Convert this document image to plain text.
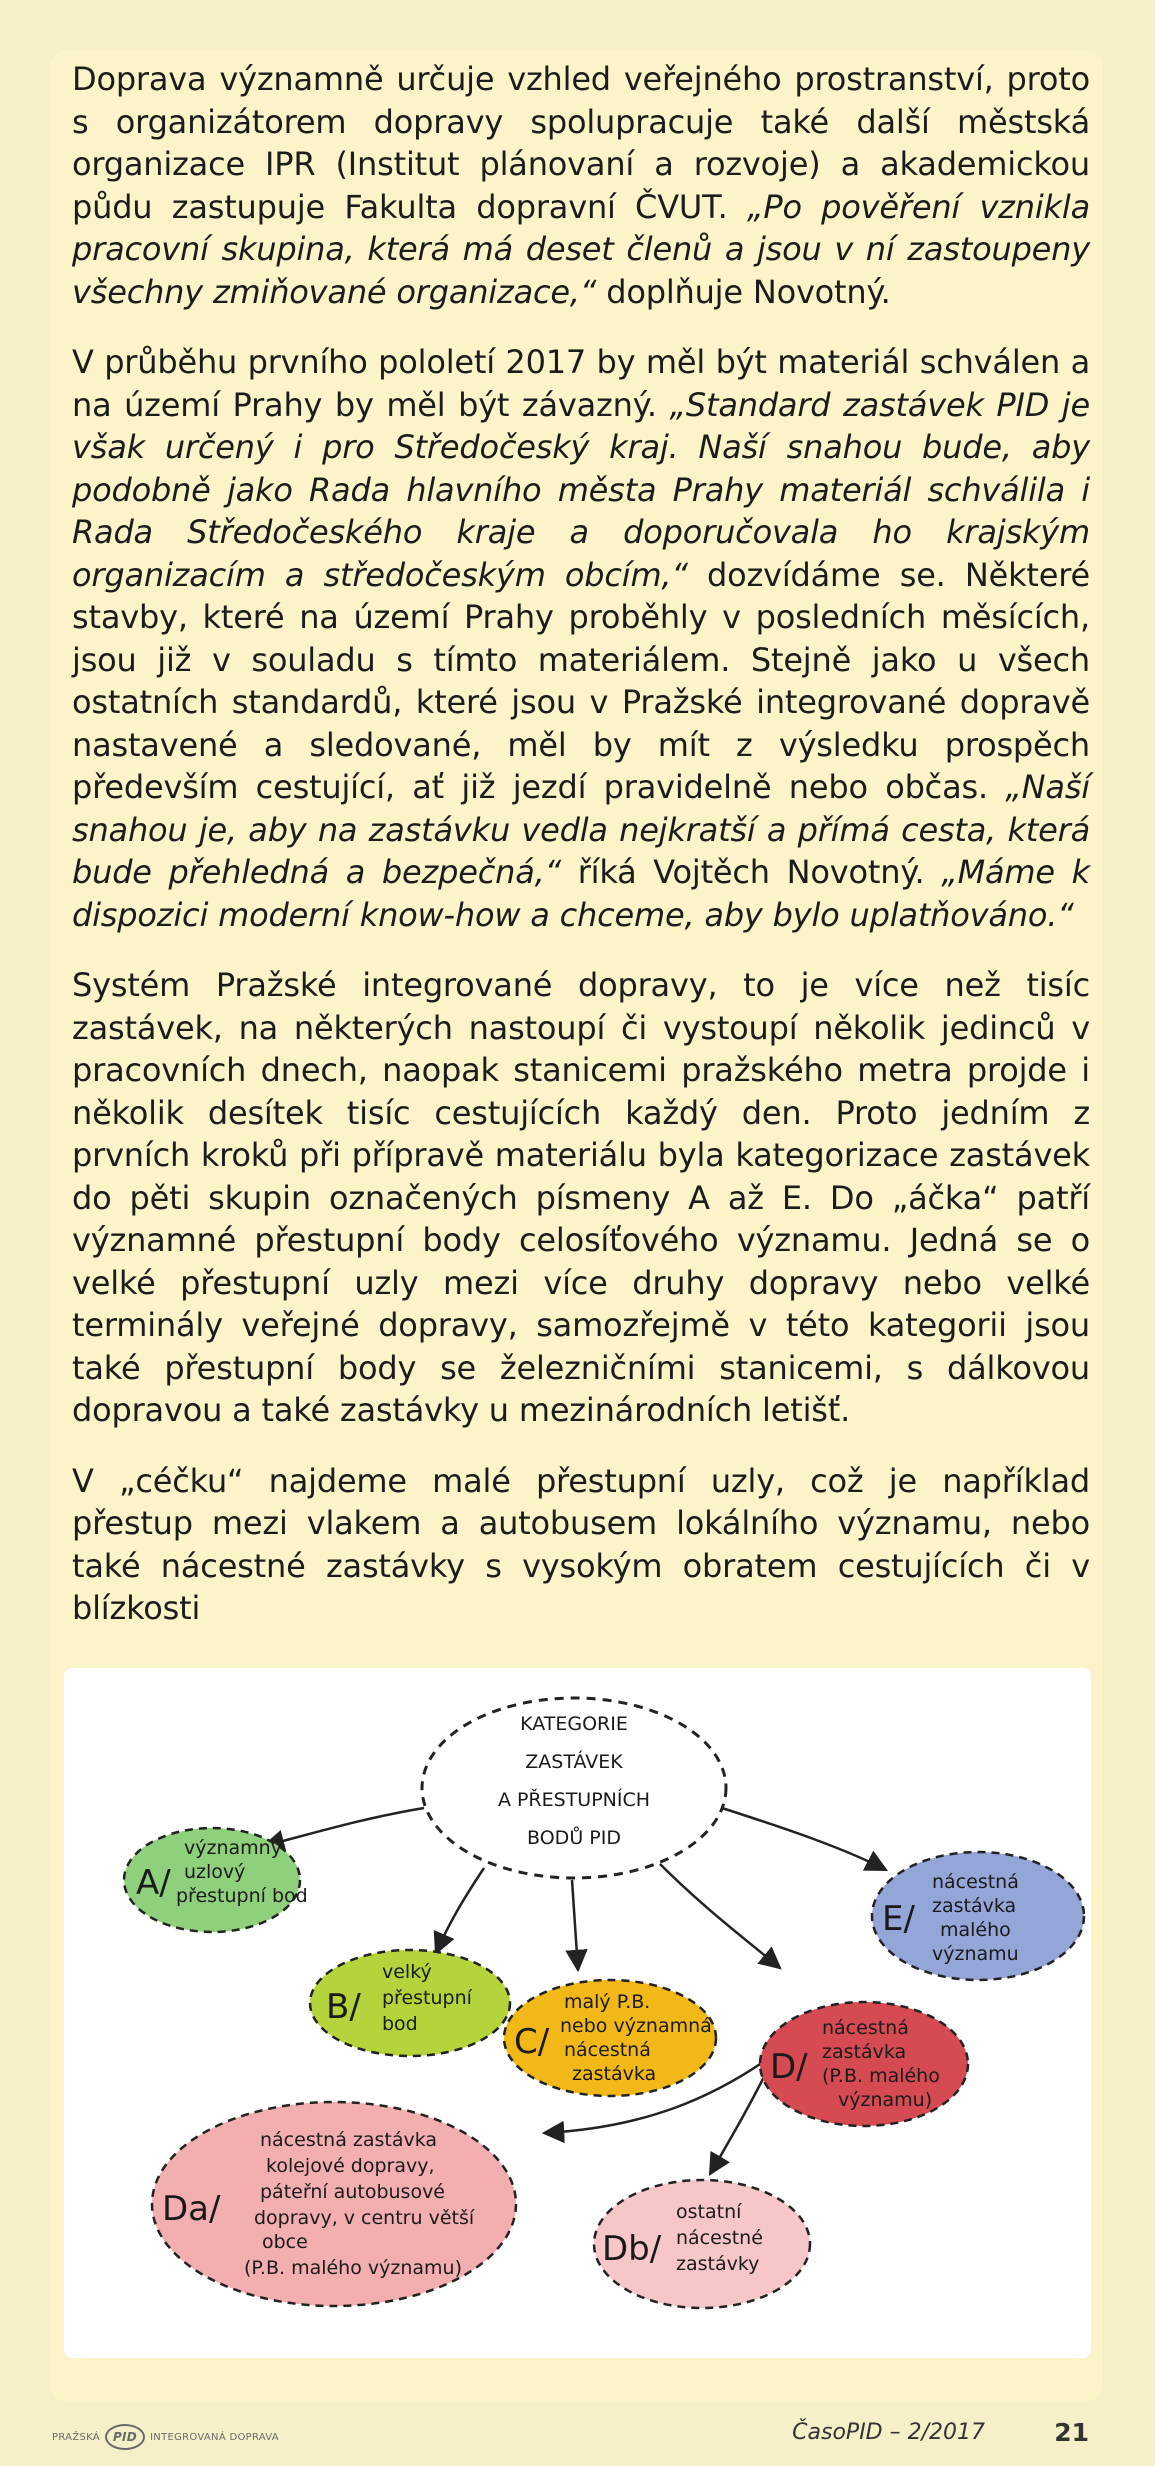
Doprava významně určuje vzhled veřejného prostranství, proto s organizátorem dopravy spolupracuje také další městská organizace IPR (Institut plánovaní a rozvoje) a akademickou půdu zastupuje Fakulta dopravní ČVUT. „Po pověření vznikla pracovní skupina, která má deset členů a jsou v ní zastoupeny všechny zmiňované organizace,“ doplňuje Novotný.

V průběhu prvního pololetí 2017 by měl být materiál schválen a na území Prahy by měl být závazný. „Standard zastávek PID je však určený i pro Středočeský kraj. Naší snahou bude, aby podobně jako Rada hlavního města Prahy materiál schválila i Rada Středočeského kraje a doporučovala ho krajským organizacím a středočeským obcím,“ dozvídáme se. Některé stavby, které na území Prahy proběhly v posledních měsících, jsou již v souladu s tímto materiálem. Stejně jako u všech ostatních standardů, které jsou v Pražské integrované dopravě nastavené a sledované, měl by mít z výsledku prospěch především cestující, ať již jezdí pravidelně nebo občas. „Naší snahou je, aby na zastávku vedla nejkratší a přímá cesta, která bude přehledná a bezpečná,“ říká Vojtěch Novotný. „Máme k dispozici moderní know-how a chceme, aby bylo uplatňováno.“

Systém Pražské integrované dopravy, to je více než tisíc zastávek, na některých nastoupí či vystoupí několik jedinců v pracovních dnech, naopak stanicemi pražského metra projde i několik desítek tisíc cestujících každý den. Proto jedním z prvních kroků při přípravě materiálu byla kategorizace zastávek do pěti skupin označených písmeny A až E. Do „áčka“ patří významné přestupní body celosíťového významu. Jedná se o velké přestupní uzly mezi více druhy dopravy nebo velké terminály veřejné dopravy, samozřejmě v této kategorii jsou také přestupní body se železničními stanicemi, s dálkovou dopravou a také zastávky u mezinárodních letišť.

V „céčku“ najdeme malé přestupní uzly, což je například přestup mezi vlakem a autobusem lokálního významu, nebo také nácestné zastávky s vysokým obratem cestujících či v blízkosti

KATEGORIE
ZASTÁVEK
A PŘESTUPNÍCH
BODŮ PID
A/
významný
uzlový
přestupní bod
B/
velký
přestupní
bod	C/
malý P.B.
nebo významná
nácestná
zastávka	D/
nácestná
zastávka
(P.B. malého
významu)
E/
nácestná
zastávka
malého
významu
Da/
nácestná zastávka
kolejové dopravy,
páteřní autobusové
dopravy, v centru větší
obce
(P.B. malého významu)	Db/
ostatní
nácestné
zastávky
PRAŽSKÁ	PID	INTEGROVANÁ DOPRAVA	ČasoPID – 2/2017	21
